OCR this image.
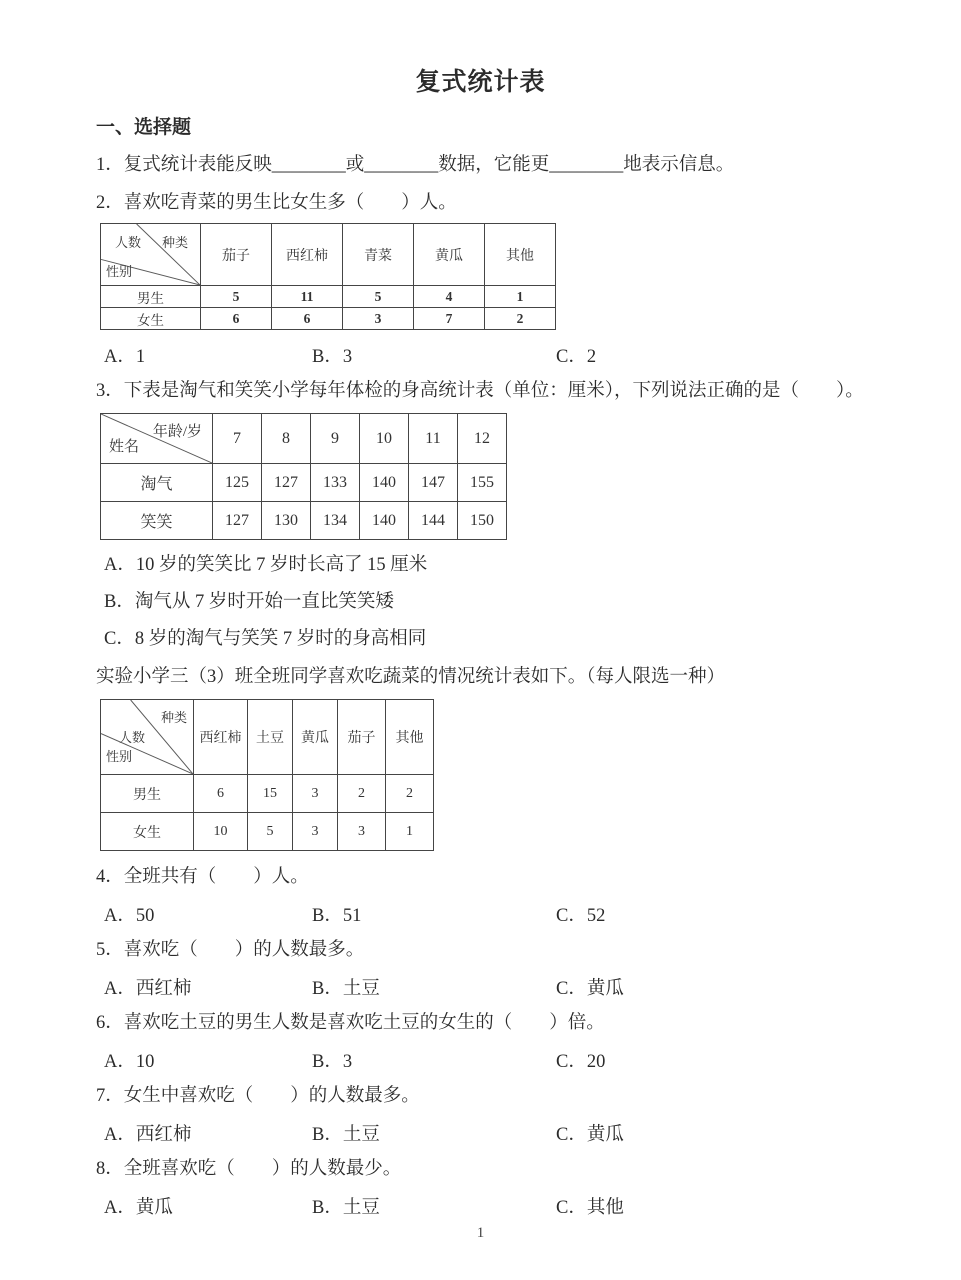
复式统计表
一、选择题
1．复式统计表能反映________或________数据，它能更________地表示信息。
2．喜欢吃青菜的男生比女生多（　　）人。
人数 种类
性别	茄子	西红柿	青菜	黄瓜	其他
男生	5	11	5	4	1
女生	6	6	3	7	2
A．1	B．3	C．2
3．下表是淘气和笑笑小学每年体检的身高统计表（单位：厘米），下列说法正确的是（　　）。
年龄/岁
姓名	7	8	9	10	11	12
淘气	125	127	133	140	147	155
笑笑	127	130	134	140	144	150
A．10 岁的笑笑比 7 岁时长高了 15 厘米
B．淘气从 7 岁时开始一直比笑笑矮
C．8 岁的淘气与笑笑 7 岁时的身高相同
实验小学三（3）班全班同学喜欢吃蔬菜的情况统计表如下。（每人限选一种）
种类
人数
性别	西红柿	土豆	黄瓜	茄子	其他
男生	6	15	3	2	2
女生	10	5	3	3	1
4．全班共有（　　）人。
A．50	B．51	C．52
5．喜欢吃（　　）的人数最多。
A．西红柿	B．土豆	C．黄瓜
6．喜欢吃土豆的男生人数是喜欢吃土豆的女生的（　　）倍。
A．10	B．3	C．20
7．女生中喜欢吃（　　）的人数最多。
A．西红柿	B．土豆	C．黄瓜
8．全班喜欢吃（　　）的人数最少。
A．黄瓜	B．土豆	C．其他
1
